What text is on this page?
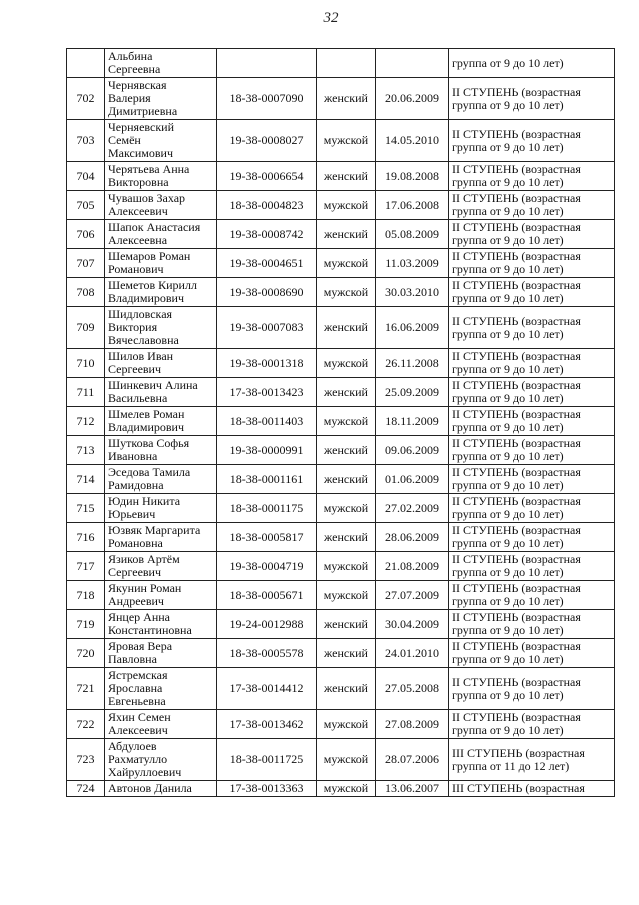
32
	Альбина
Сергеевна				группа от 9 до 10 лет)

702	Чернявская
Валерия
Димитриевна	18-38-0007090	женский	20.06.2009	II СТУПЕНЬ (возрастная
группа от 9 до 10 лет)

703	Черняевский
Семён
Максимович	19-38-0008027	мужской	14.05.2010	II СТУПЕНЬ (возрастная
группа от 9 до 10 лет)

704	Черятьева Анна
Викторовна	19-38-0006654	женский	19.08.2008	II СТУПЕНЬ (возрастная
группа от 9 до 10 лет)

705	Чувашов Захар
Алексеевич	18-38-0004823	мужской	17.06.2008	II СТУПЕНЬ (возрастная
группа от 9 до 10 лет)

706	Шапок Анастасия
Алексеевна	19-38-0008742	женский	05.08.2009	II СТУПЕНЬ (возрастная
группа от 9 до 10 лет)

707	Шемаров Роман
Романович	19-38-0004651	мужской	11.03.2009	II СТУПЕНЬ (возрастная
группа от 9 до 10 лет)

708	Шеметов Кирилл
Владимирович	19-38-0008690	мужской	30.03.2010	II СТУПЕНЬ (возрастная
группа от 9 до 10 лет)

709	Шидловская
Виктория
Вячеславовна	19-38-0007083	женский	16.06.2009	II СТУПЕНЬ (возрастная
группа от 9 до 10 лет)

710	Шилов Иван
Сергеевич	19-38-0001318	мужской	26.11.2008	II СТУПЕНЬ (возрастная
группа от 9 до 10 лет)

711	Шинкевич Алина
Васильевна	17-38-0013423	женский	25.09.2009	II СТУПЕНЬ (возрастная
группа от 9 до 10 лет)

712	Шмелев Роман
Владимирович	18-38-0011403	мужской	18.11.2009	II СТУПЕНЬ (возрастная
группа от 9 до 10 лет)

713	Шуткова Софья
Ивановна	19-38-0000991	женский	09.06.2009	II СТУПЕНЬ (возрастная
группа от 9 до 10 лет)

714	Эседова Тамила
Рамидовна	18-38-0001161	женский	01.06.2009	II СТУПЕНЬ (возрастная
группа от 9 до 10 лет)

715	Юдин Никита
Юрьевич	18-38-0001175	мужской	27.02.2009	II СТУПЕНЬ (возрастная
группа от 9 до 10 лет)

716	Юзвяк Маргарита
Романовна	18-38-0005817	женский	28.06.2009	II СТУПЕНЬ (возрастная
группа от 9 до 10 лет)

717	Язиков Артём
Сергеевич	19-38-0004719	мужской	21.08.2009	II СТУПЕНЬ (возрастная
группа от 9 до 10 лет)

718	Якунин Роман
Андреевич	18-38-0005671	мужской	27.07.2009	II СТУПЕНЬ (возрастная
группа от 9 до 10 лет)

719	Янцер Анна
Константиновна	19-24-0012988	женский	30.04.2009	II СТУПЕНЬ (возрастная
группа от 9 до 10 лет)

720	Яровая Вера
Павловна	18-38-0005578	женский	24.01.2010	II СТУПЕНЬ (возрастная
группа от 9 до 10 лет)

721	Ястремская
Ярославна
Евгеньевна	17-38-0014412	женский	27.05.2008	II СТУПЕНЬ (возрастная
группа от 9 до 10 лет)

722	Яхин Семен
Алексеевич	17-38-0013462	мужской	27.08.2009	II СТУПЕНЬ (возрастная
группа от 9 до 10 лет)

723	Абдулоев
Рахматулло
Хайруллоевич	18-38-0011725	мужской	28.07.2006	III СТУПЕНЬ (возрастная
группа от 11 до 12 лет)

724	Автонов Данила	17-38-0013363	мужской	13.06.2007	III СТУПЕНЬ (возрастная
